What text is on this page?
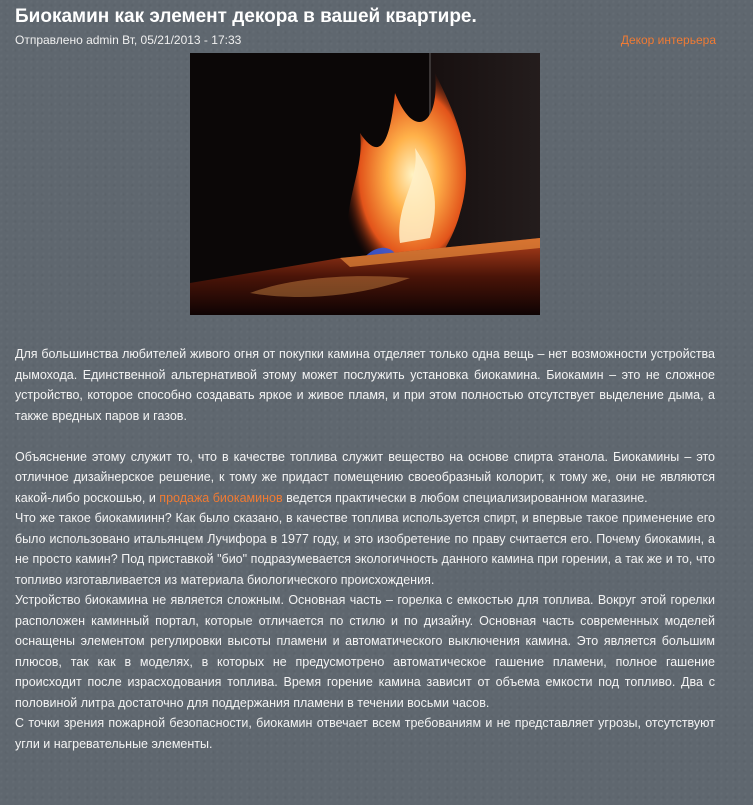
Биокамин как элемент декора в вашей квартире.
Отправлено admin Вт, 05/21/2013 - 17:33	Декор интерьера

Для большинства любителей живого огня от покупки камина отделяет только одна вещь – нет возможности устройства дымохода. Единственной альтернативой этому может послужить установка биокамина. Биокамин – это не сложное устройство, которое способно создавать яркое и живое пламя, и при этом полностью отсутствует выделение дыма, а также вредных паров и газов.

Объяснение этому служит то, что в качестве топлива служит вещество на основе спирта этанола. Биокамины – это отличное дизайнерское решение, к тому же придаст помещению своеобразный колорит, к тому же, они не являются какой-либо роскошью, и продажа биокаминов ведется практически в любом специализированном магазине.

Что же такое биокамиинн? Как было сказано, в качестве топлива используется спирт, и впервые такое применение его было использовано итальянцем Лучифора в 1977 году, и это изобретение по праву считается его. Почему биокамин, а не просто камин? Под приставкой "био" подразумевается экологичность данного камина при горении, а так же и то, что топливо изготавливается из материала биологического происхождения.

Устройство биокамина не является сложным. Основная часть – горелка с емкостью для топлива. Вокруг этой горелки расположен каминный портал, которые отличается по стилю и по дизайну. Основная часть современных моделей оснащены элементом регулировки высоты пламени и автоматического выключения камина. Это является большим плюсов, так как в моделях, в которых не предусмотрено автоматическое гашение пламени, полное гашение происходит после израсходования топлива. Время горение камина зависит от объема емкости под топливо. Два с половиной литра достаточно для поддержания пламени в течении восьми часов.

С точки зрения пожарной безопасности, биокамин отвечает всем требованиям и не представляет угрозы, отсутствуют угли и нагревательные элементы.
